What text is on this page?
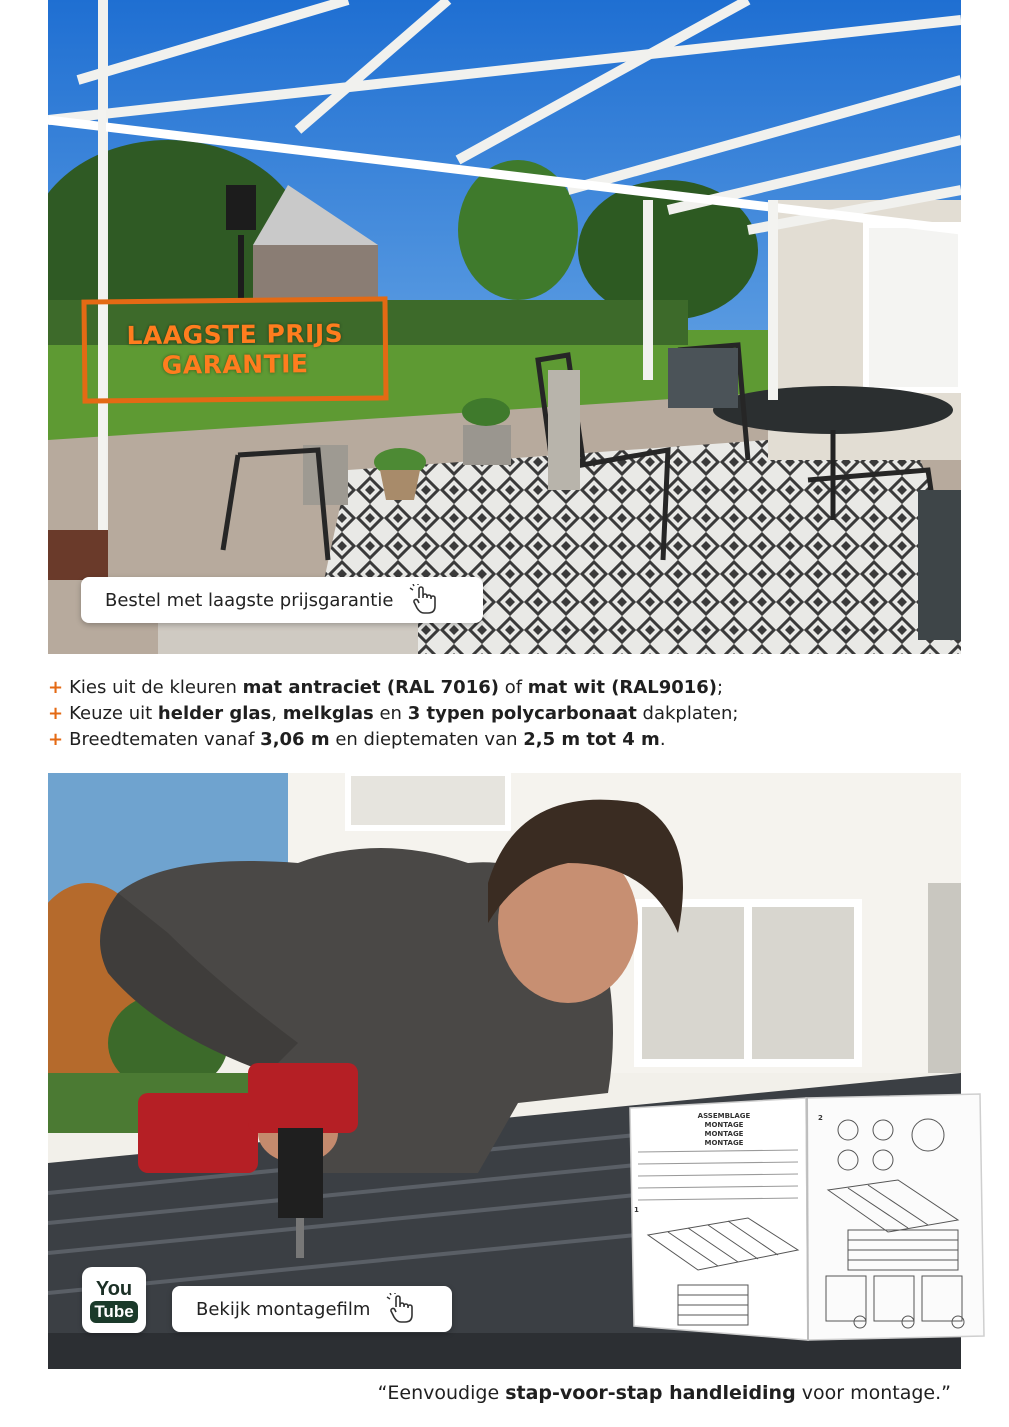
LAAGSTE PRIJS
GARANTIE
Bestel met laagste prijsgarantie
+ Kies uit de kleuren mat antraciet (RAL 7016) of mat wit (RAL9016);
+ Keuze uit helder glas, melkglas en 3 typen polycarbonaat dakplaten;
+ Breedtematen vanaf 3,06 m en dieptematen van 2,5 m tot 4 m.
You
Tube	Bekijk montagefilm
ASSEMBLAGE
MONTAGE
MONTAGE
MONTAGE
1
2
“Eenvoudige stap-voor-stap handleiding voor montage.”
